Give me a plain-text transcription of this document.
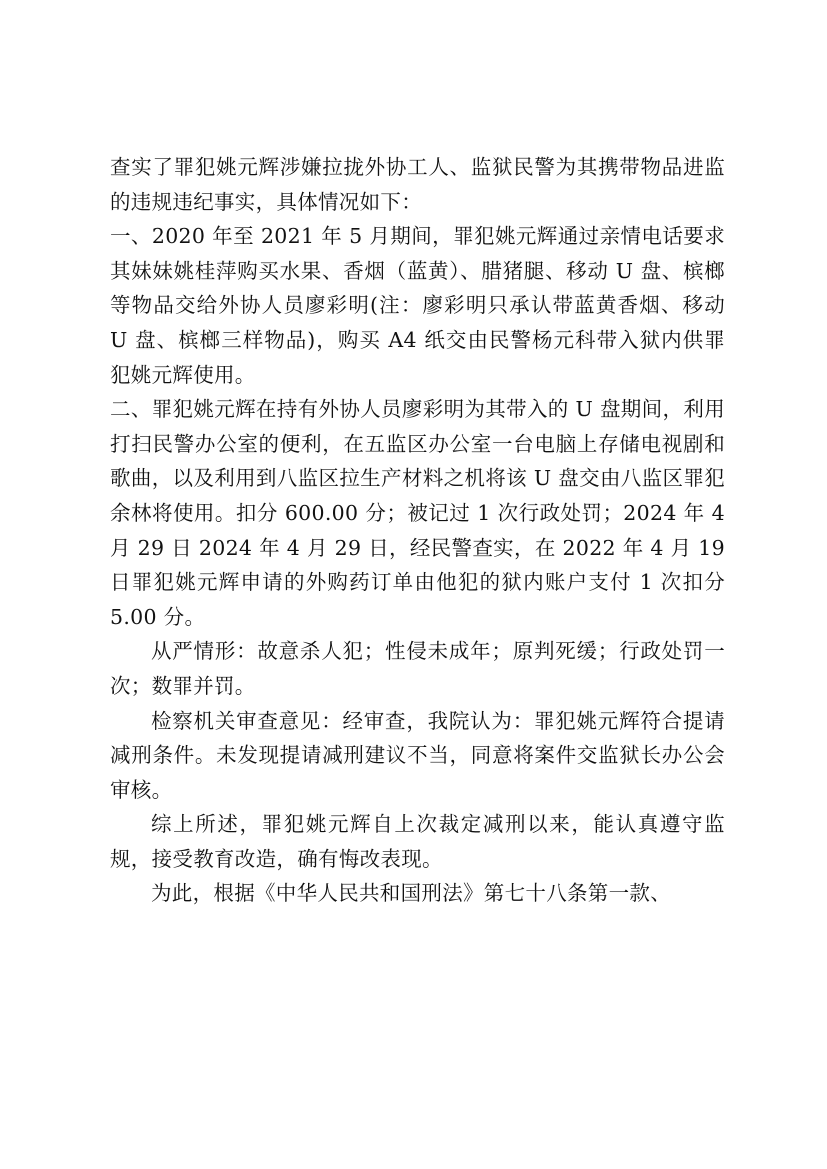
查实了罪犯姚元辉涉嫌拉拢外协工人、监狱民警为其携带物品进监的违规违纪事实，具体情况如下：

一、2020 年至 2021 年 5 月期间，罪犯姚元辉通过亲情电话要求其妹妹姚桂萍购买水果、香烟（蓝黄）、腊猪腿、移动 U 盘、槟榔等物品交给外协人员廖彩明(注：廖彩明只承认带蓝黄香烟、移动 U 盘、槟榔三样物品)，购买 A4 纸交由民警杨元科带入狱内供罪犯姚元辉使用。

二、罪犯姚元辉在持有外协人员廖彩明为其带入的 U 盘期间，利用打扫民警办公室的便利，在五监区办公室一台电脑上存储电视剧和歌曲，以及利用到八监区拉生产材料之机将该 U 盘交由八监区罪犯余林将使用。扣分 600.00 分；被记过 1 次行政处罚；2024 年 4 月 29 日 2024 年 4 月 29 日，经民警查实，在 2022 年 4 月 19 日罪犯姚元辉申请的外购药订单由他犯的狱内账户支付 1 次扣分 5.00 分。

从严情形：故意杀人犯；性侵未成年；原判死缓；行政处罚一次；数罪并罚。

检察机关审查意见：经审查，我院认为：罪犯姚元辉符合提请减刑条件。未发现提请减刑建议不当，同意将案件交监狱长办公会审核。

综上所述，罪犯姚元辉自上次裁定减刑以来，能认真遵守监规，接受教育改造，确有悔改表现。

为此，根据《中华人民共和国刑法》第七十八条第一款、
